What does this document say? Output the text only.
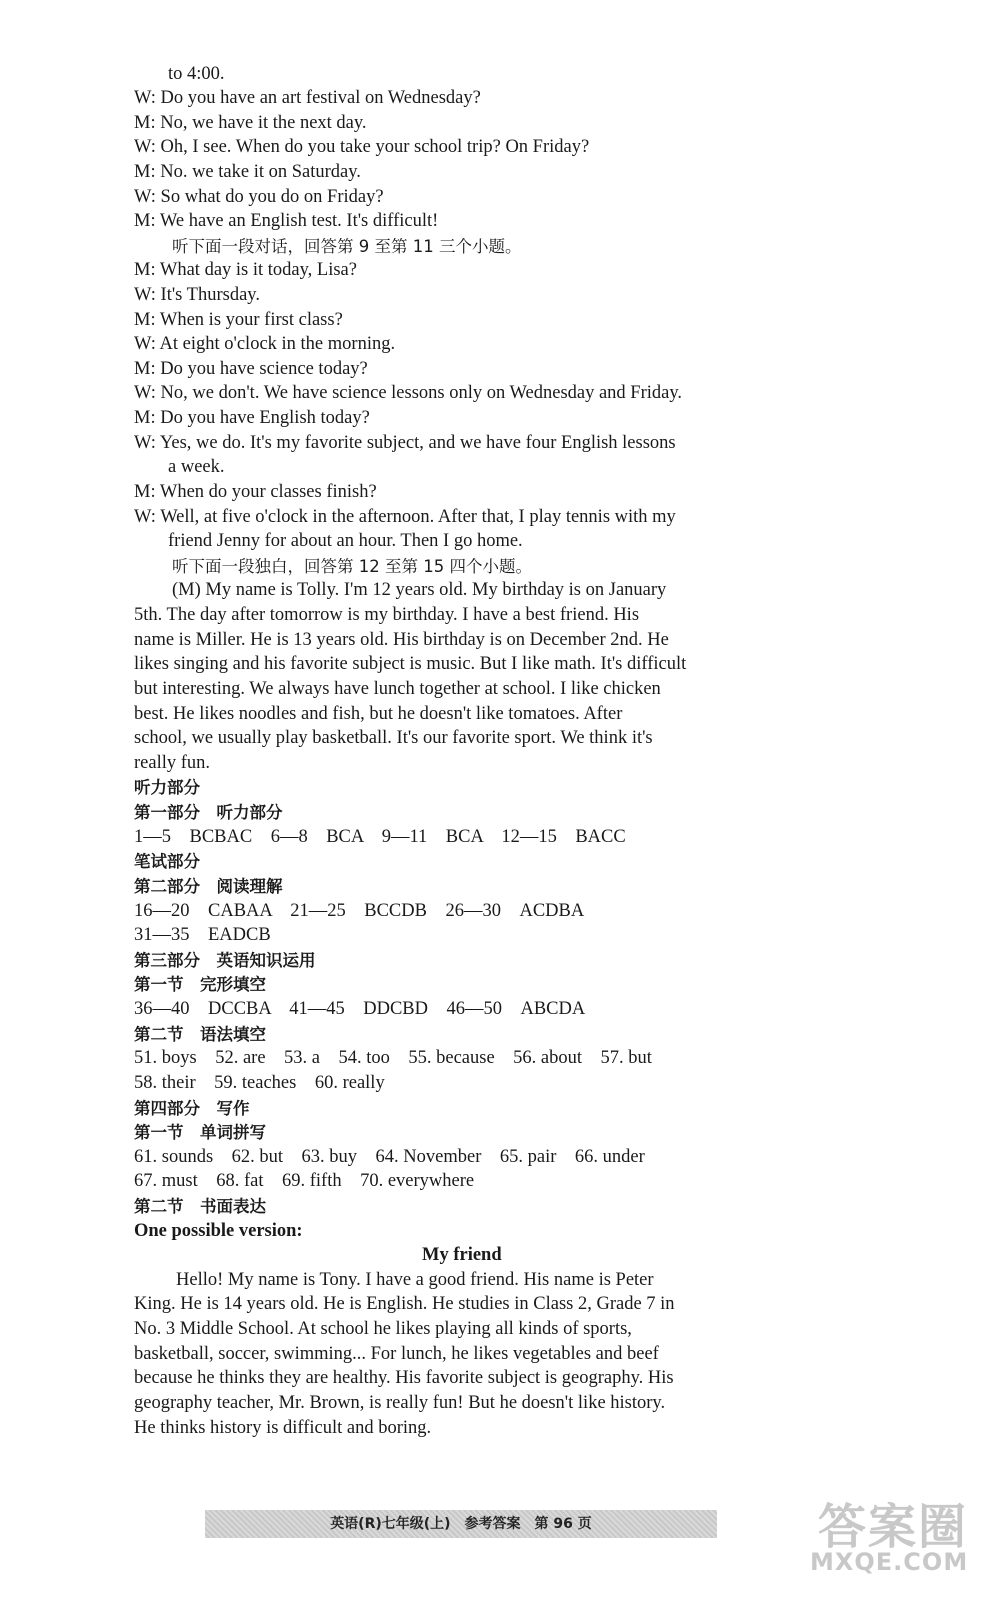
to 4:00.
W: Do you have an art festival on Wednesday?
M: No, we have it the next day.
W: Oh, I see. When do you take your school trip? On Friday?
M: No. we take it on Saturday.
W: So what do you do on Friday?
M: We have an English test. It's difficult!
听下面一段对话，回答第 9 至第 11 三个小题。
M: What day is it today, Lisa?
W: It's Thursday.
M: When is your first class?
W: At eight o'clock in the morning.
M: Do you have science today?
W: No, we don't. We have science lessons only on Wednesday and Friday.
M: Do you have English today?
W: Yes, we do. It's my favorite subject, and we have four English lessons
a week.
M: When do your classes finish?
W: Well, at five o'clock in the afternoon. After that, I play tennis with my
friend Jenny for about an hour. Then I go home.
听下面一段独白，回答第 12 至第 15 四个小题。
(M) My name is Tolly. I'm 12 years old. My birthday is on January
5th. The day after tomorrow is my birthday. I have a best friend. His
name is Miller. He is 13 years old. His birthday is on December 2nd. He
likes singing and his favorite subject is music. But I like math. It's difficult
but interesting. We always have lunch together at school. I like chicken
best. He likes noodles and fish, but he doesn't like tomatoes. After
school, we usually play basketball. It's our favorite sport. We think it's
really fun.
听力部分
第一部分　听力部分
1—5　BCBAC　6—8　BCA　9—11　BCA　12—15　BACC
笔试部分
第二部分　阅读理解
16—20　CABAA　21—25　BCCDB　26—30　ACDBA
31—35　EADCB
第三部分　英语知识运用
第一节　完形填空
36—40　DCCBA　41—45　DDCBD　46—50　ABCDA
第二节　语法填空
51. boys　52. are　53. a　54. too　55. because　56. about　57. but
58. their　59. teaches　60. really
第四部分　写作
第一节　单词拼写
61. sounds　62. but　63. buy　64. November　65. pair　66. under
67. must　68. fat　69. fifth　70. everywhere
第二节　书面表达
One possible version:
My friend
Hello! My name is Tony. I have a good friend. His name is Peter
King. He is 14 years old. He is English. He studies in Class 2, Grade 7 in
No. 3 Middle School. At school he likes playing all kinds of sports,
basketball, soccer, swimming... For lunch, he likes vegetables and beef
because he thinks they are healthy. His favorite subject is geography. His
geography teacher, Mr. Brown, is really fun! But he doesn't like history.
He thinks history is difficult and boring.
英语(R)七年级(上)　参考答案　第 96 页	答案圈
MXQE.COM
